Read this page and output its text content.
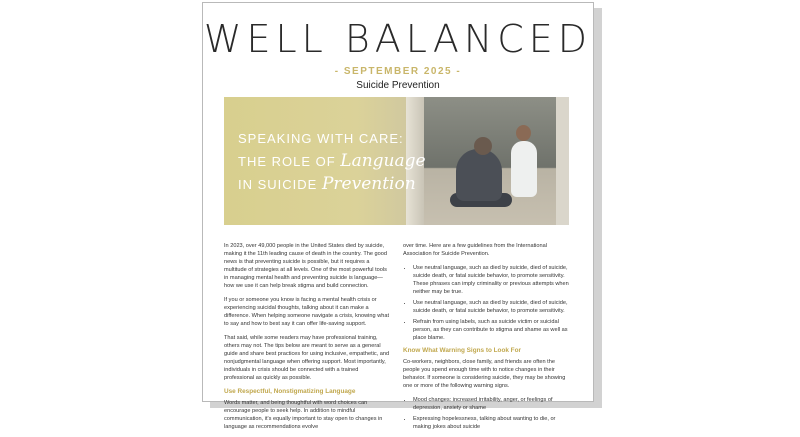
WELL BALANCED
- SEPTEMBER 2025 -
Suicide Prevention
SPEAKING WITH CARE:
THE ROLE OF Language
IN SUICIDE Prevention

In 2023, over 49,000 people in the United States died by suicide, making it the 11th leading cause of death in the country. The good news is that preventing suicide is possible, but it requires a multitude of strategies at all levels. One of the most powerful tools in managing mental health and preventing suicide is language—how we use it can help break stigma and build connection.

If you or someone you know is facing a mental health crisis or experiencing suicidal thoughts, talking about it can make a difference. When helping someone navigate a crisis, knowing what to say and how to best say it can offer life-saving support.

That said, while some readers may have professional training, others may not. The tips below are meant to serve as a general guide and share best practices for using inclusive, empathetic, and nonjudgmental language when offering support. Most importantly, individuals in crisis should be connected with a trained professional as quickly as possible.

Use Respectful, Nonstigmatizing Language

Words matter, and being thoughtful with word choices can encourage people to seek help. In addition to mindful communication, it's equally important to stay open to changes in language as recommendations evolve

over time. Here are a few guidelines from the International Association for Suicide Prevention.

• Use neutral language, such as died by suicide, died of suicide, suicide death, or fatal suicide behavior, to promote sensitivity. These phrases can imply criminality or previous attempts when neither may be true.
• Use neutral language, such as died by suicide, died of suicide, suicide death, or fatal suicide behavior, to promote sensitivity.
• Refrain from using labels, such as suicide victim or suicidal person, as they can contribute to stigma and shame as well as place blame.
Know What Warning Signs to Look For

Co-workers, neighbors, close family, and friends are often the people you spend enough time with to notice changes in their behavior. If someone is considering suicide, they may be showing one or more of the following warning signs.

• Mood changes: increased irritability, anger, or feelings of depression, anxiety or shame
• Expressing hopelessness, talking about wanting to die, or making jokes about suicide
